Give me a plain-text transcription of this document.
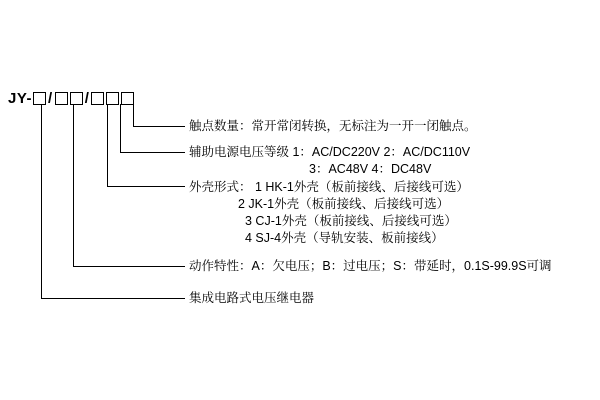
JY- / /
触点数量：常开常闭转换，无标注为一开一闭触点。
辅助电源电压等级 1：AC/DC220V 2：AC/DC110V
3：AC48V 4：DC48V
外壳形式： 1 HK-1外壳（板前接线、后接线可选）
2 JK-1外壳（板前接线、后接线可选）
3 CJ-1外壳（板前接线、后接线可选）
4 SJ-4外壳（导轨安装、板前接线）
动作特性：A：欠电压；B：过电压；S：带延时，0.1S-99.9S可调
集成电路式电压继电器
